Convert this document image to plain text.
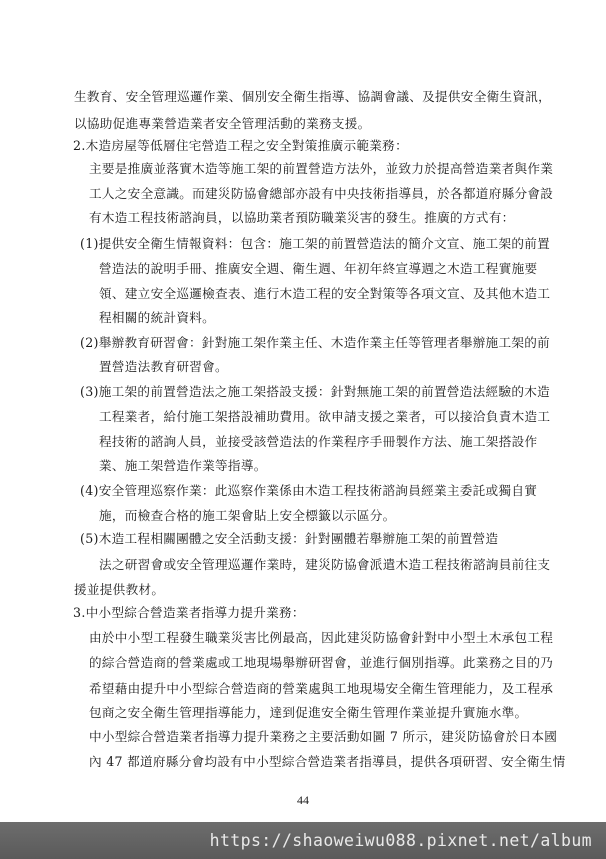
生教育、安全管理巡邏作業、個別安全衛生指導、協調會議、及提供安全衛生資訊，
以協助促進專業營造業者安全管理活動的業務支援。
2.木造房屋等低層住宅營造工程之安全對策推廣示範業務：
主要是推廣並落實木造等施工架的前置營造方法外，並致力於提高營造業者與作業
工人之安全意識。而建災防協會總部亦設有中央技術指導員，於各都道府縣分會設
有木造工程技術諮詢員，以協助業者預防職業災害的發生。推廣的方式有：
(1)提供安全衛生情報資料：包含：施工架的前置營造法的簡介文宣、施工架的前置
營造法的說明手冊、推廣安全週、衛生週、年初年終宣導週之木造工程實施要
領、建立安全巡邏檢查表、進行木造工程的安全對策等各項文宣、及其他木造工
程相關的統計資料。
(2)舉辦教育研習會：針對施工架作業主任、木造作業主任等管理者舉辦施工架的前
置營造法教育研習會。
(3)施工架的前置營造法之施工架搭設支援：針對無施工架的前置營造法經驗的木造
工程業者，給付施工架搭設補助費用。欲申請支援之業者，可以接洽負責木造工
程技術的諮詢人員，並接受該營造法的作業程序手冊製作方法、施工架搭設作
業、施工架營造作業等指導。
(4)安全管理巡察作業：此巡察作業係由木造工程技術諮詢員經業主委託或獨自實
施，而檢查合格的施工架會貼上安全標籤以示區分。
(5)木造工程相關團體之安全活動支援：針對團體若舉辦施工架的前置營造
法之研習會或安全管理巡邏作業時，建災防協會派遣木造工程技術諮詢員前往支
援並提供教材。
3.中小型綜合營造業者指導力提升業務：
由於中小型工程發生職業災害比例最高，因此建災防協會針對中小型土木承包工程
的綜合營造商的營業處或工地現場舉辦研習會，並進行個別指導。此業務之目的乃
希望藉由提升中小型綜合營造商的營業處與工地現場安全衛生管理能力，及工程承
包商之安全衛生管理指導能力，達到促進安全衛生管理作業並提升實施水準。
中小型綜合營造業者指導力提升業務之主要活動如圖 7 所示，建災防協會於日本國
內 47 都道府縣分會均設有中小型綜合營造業者指導員，提供各項研習、安全衛生情
44
https://shaoweiwu088.pixnet.net/album
